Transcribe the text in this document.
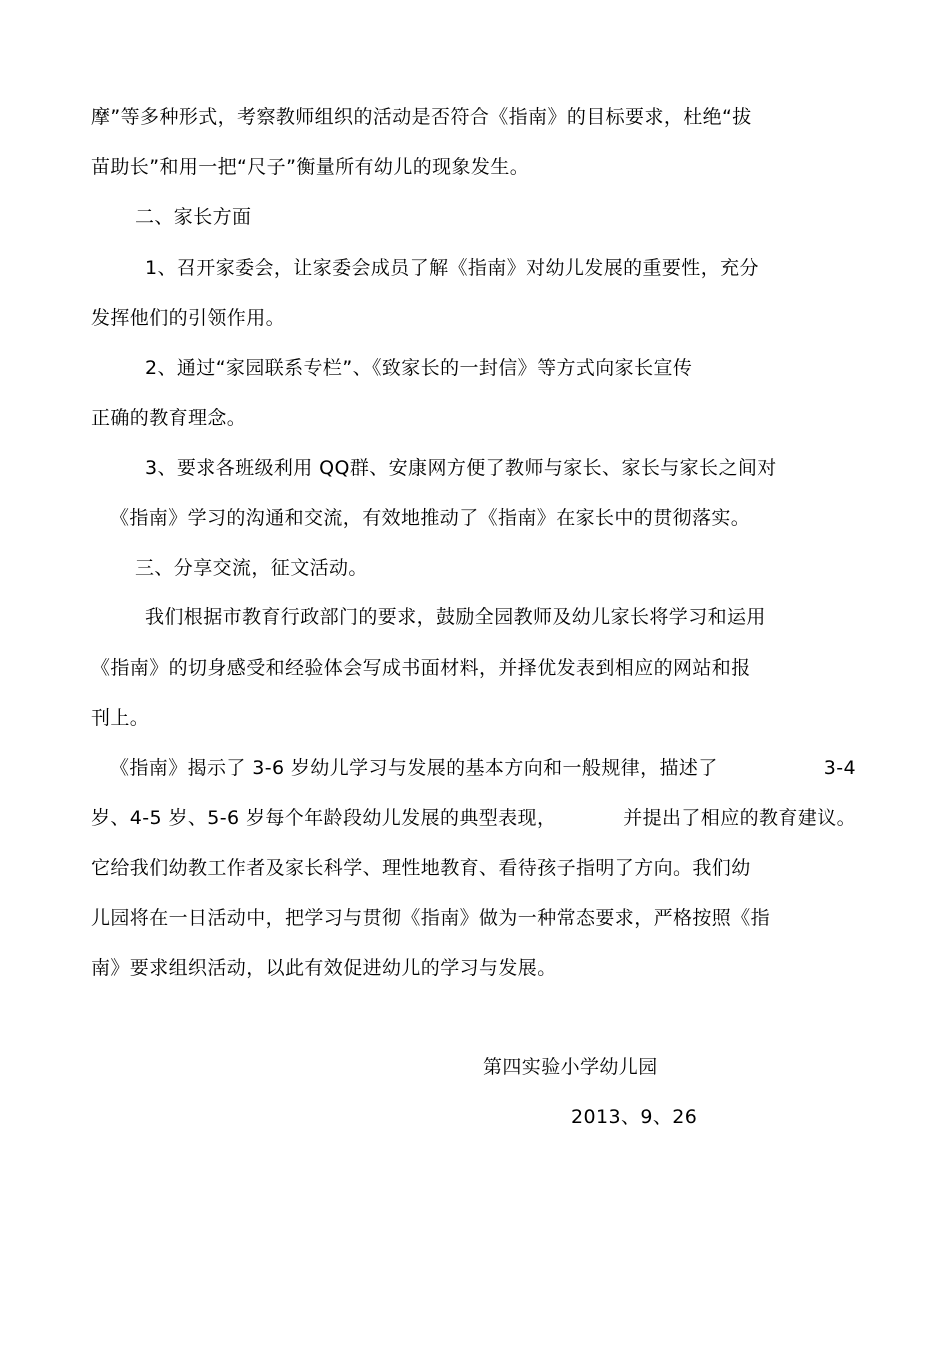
摩”等多种形式，考察教师组织的活动是否符合《指南》的目标要求，杜绝“拔

苗助长”和用一把“尺子”衡量所有幼儿的现象发生。

二、家长方面

1、召开家委会，让家委会成员了解《指南》对幼儿发展的重要性，充分

发挥他们的引领作用。

2、通过“家园联系专栏”、《致家长的一封信》等方式向家长宣传

正确的教育理念。

3、要求各班级利用 QQ群、安康网方便了教师与家长、家长与家长之间对

《指南》学习的沟通和交流，有效地推动了《指南》在家长中的贯彻落实。

三、分享交流，征文活动。

我们根据市教育行政部门的要求，鼓励全园教师及幼儿家长将学习和运用

《指南》的切身感受和经验体会写成书面材料，并择优发表到相应的网站和报

刊上。

《指南》揭示了 3-6 岁幼儿学习与发展的基本方向和一般规律，描述了	3-4
岁、4-5 岁、5-6 岁每个年龄段幼儿发展的典型表现，	并提出了相应的教育建议。

它给我们幼教工作者及家长科学、理性地教育、看待孩子指明了方向。我们幼

儿园将在一日活动中，把学习与贯彻《指南》做为一种常态要求，严格按照《指

南》要求组织活动，以此有效促进幼儿的学习与发展。

第四实验小学幼儿园

2013、9、26
